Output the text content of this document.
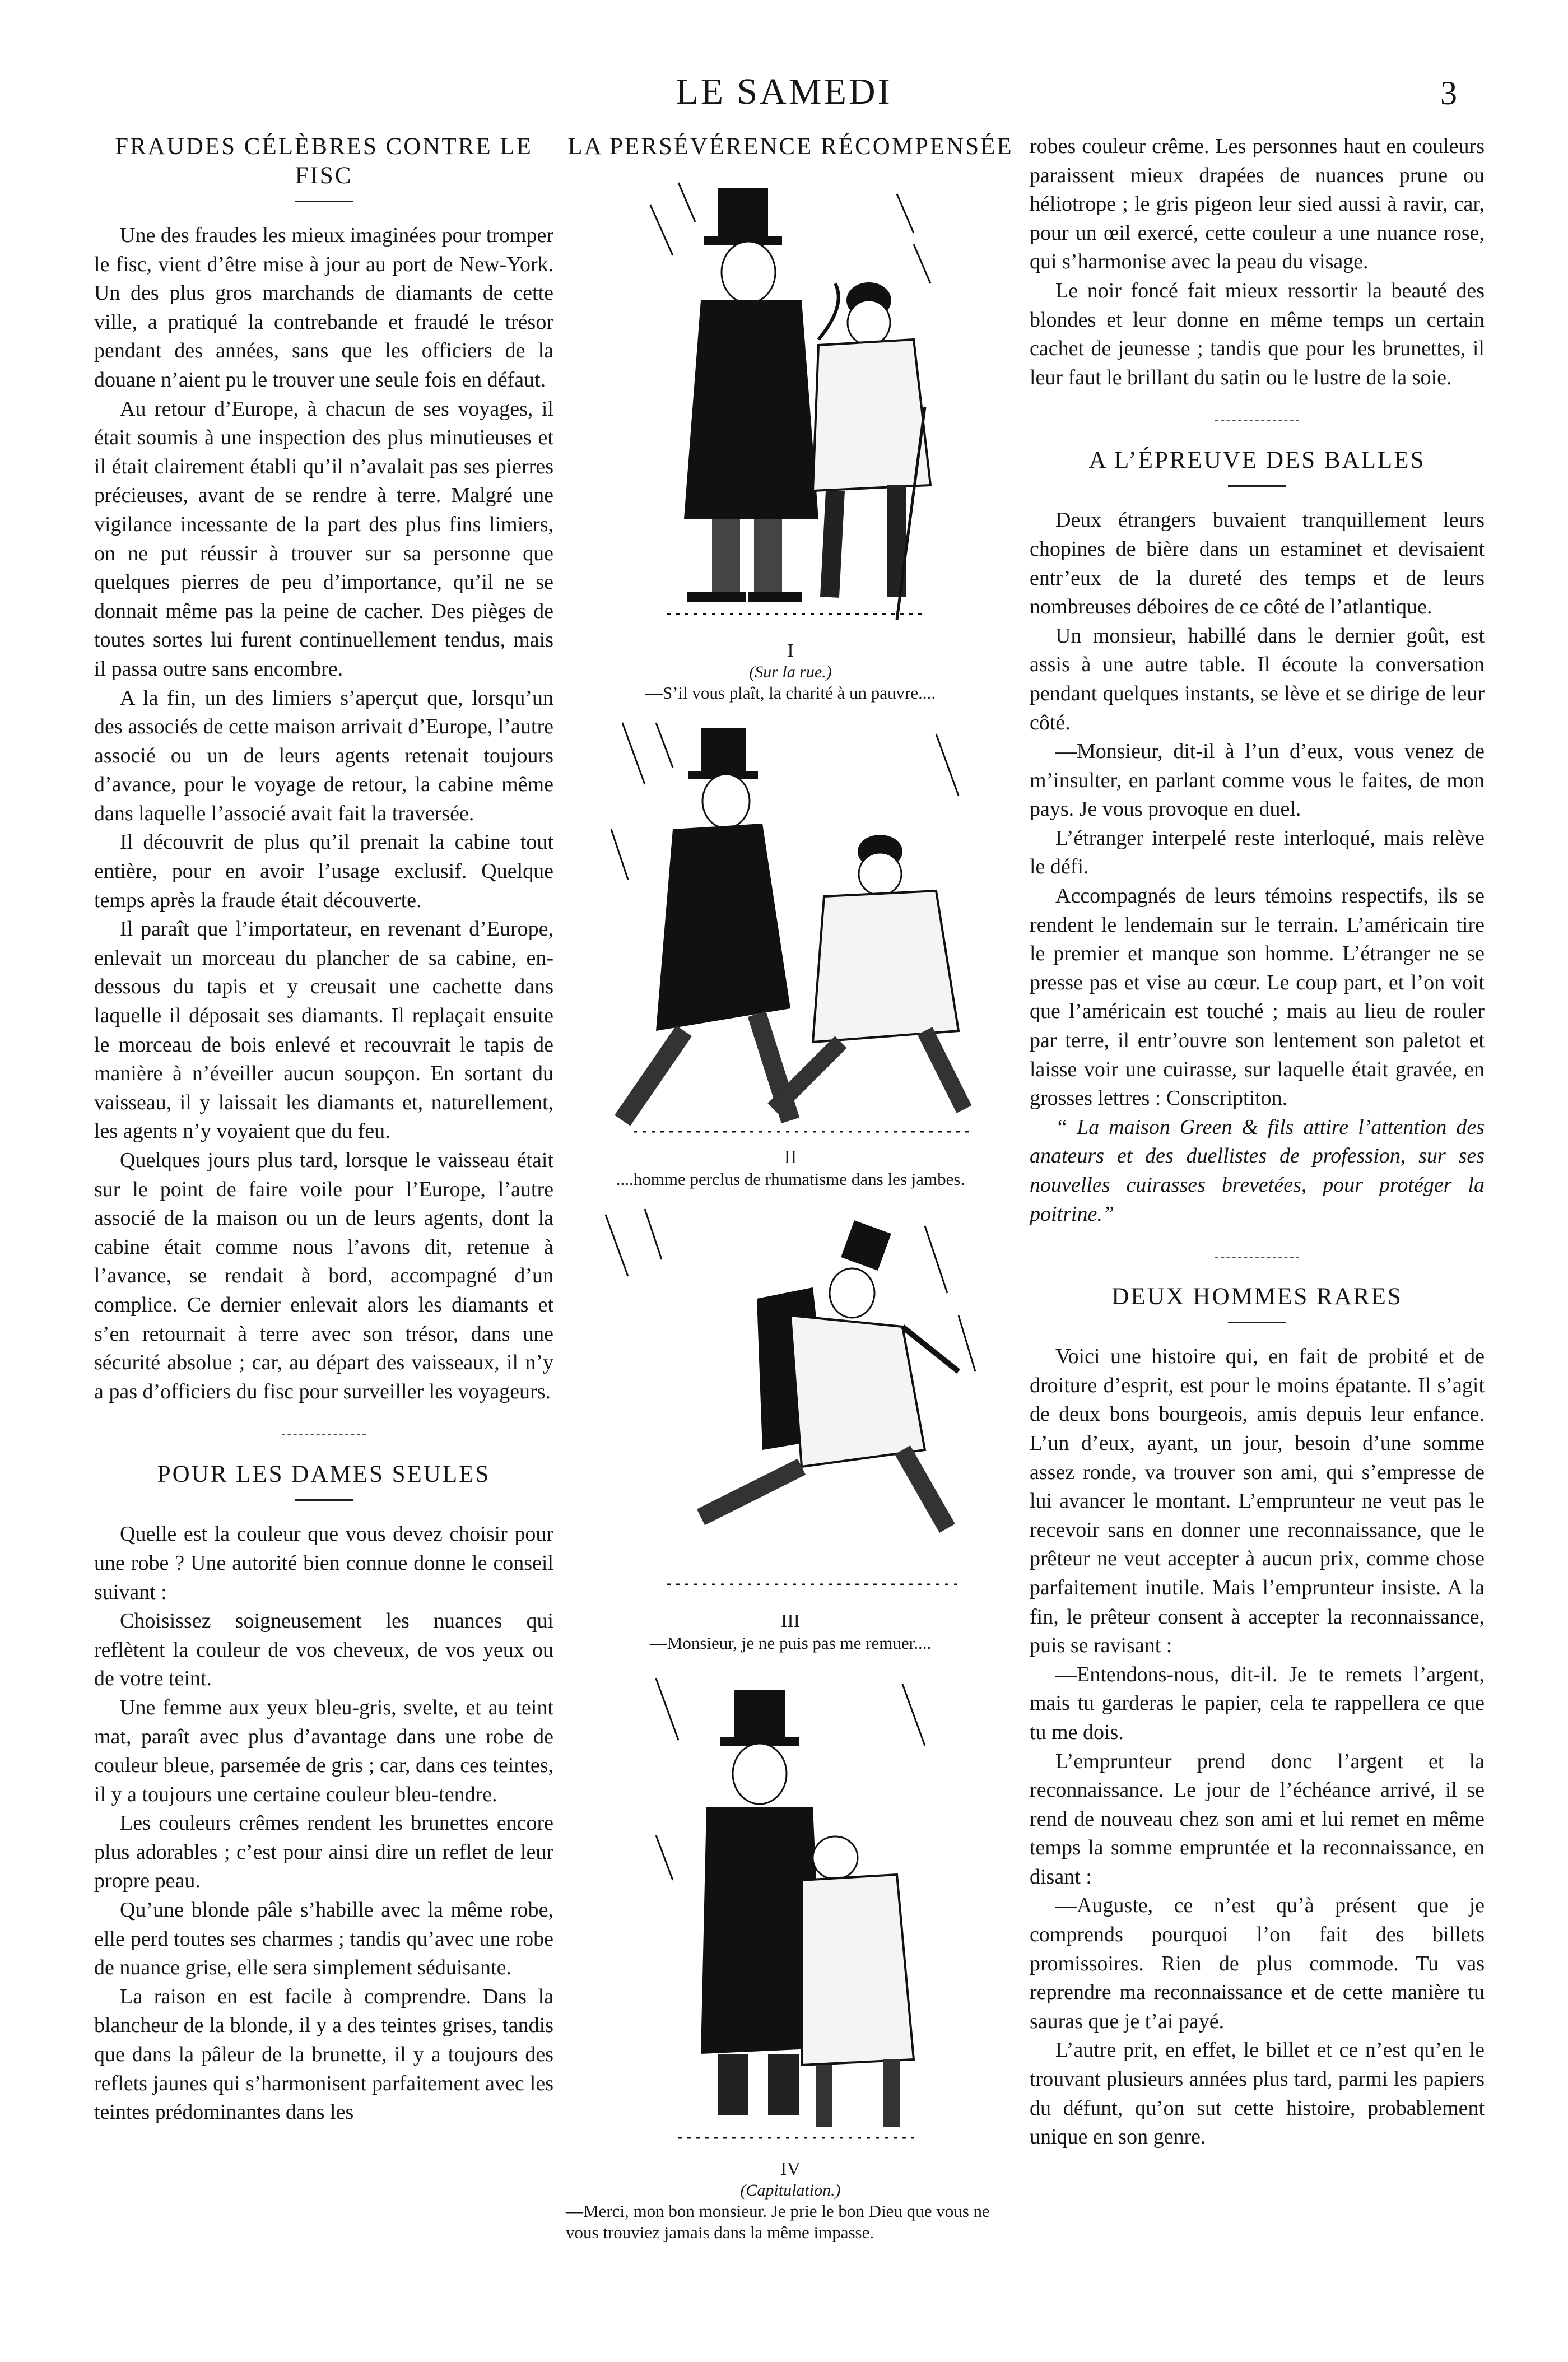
LE SAMEDI	3
FRAUDES CÉLÈBRES CONTRE LE FISC

Une des fraudes les mieux imaginées pour tromper le fisc, vient d’être mise à jour au port de New-York. Un des plus gros marchands de diamants de cette ville, a pratiqué la contrebande et fraudé le trésor pendant des années, sans que les officiers de la douane n’aient pu le trouver une seule fois en défaut.

Au retour d’Europe, à chacun de ses voyages, il était soumis à une inspection des plus minutieuses et il était clairement établi qu’il n’avalait pas ses pierres précieuses, avant de se rendre à terre. Malgré une vigilance incessante de la part des plus fins limiers, on ne put réussir à trouver sur sa personne que quelques pierres de peu d’importance, qu’il ne se donnait même pas la peine de cacher. Des pièges de toutes sortes lui furent continuellement tendus, mais il passa outre sans encombre.

A la fin, un des limiers s’aperçut que, lorsqu’un des associés de cette maison arrivait d’Europe, l’autre associé ou un de leurs agents retenait toujours d’avance, pour le voyage de retour, la cabine même dans laquelle l’associé avait fait la traversée.

Il découvrit de plus qu’il prenait la cabine tout entière, pour en avoir l’usage exclusif. Quelque temps après la fraude était découverte.

Il paraît que l’importateur, en revenant d’Europe, enlevait un morceau du plancher de sa cabine, en-dessous du tapis et y creusait une cachette dans laquelle il déposait ses diamants. Il replaçait ensuite le morceau de bois enlevé et recouvrait le tapis de manière à n’éveiller aucun soupçon. En sortant du vaisseau, il y laissait les diamants et, naturellement, les agents n’y voyaient que du feu.

Quelques jours plus tard, lorsque le vaisseau était sur le point de faire voile pour l’Europe, l’autre associé de la maison ou un de leurs agents, dont la cabine était comme nous l’avons dit, retenue à l’avance, se rendait à bord, accompagné d’un complice. Ce dernier enlevait alors les diamants et s’en retournait à terre avec son trésor, dans une sécurité absolue ; car, au départ des vaisseaux, il n’y a pas d’officiers du fisc pour surveiller les voyageurs.

POUR LES DAMES SEULES

Quelle est la couleur que vous devez choisir pour une robe ? Une autorité bien connue donne le conseil suivant :

Choisissez soigneusement les nuances qui reflètent la couleur de vos cheveux, de vos yeux ou de votre teint.

Une femme aux yeux bleu-gris, svelte, et au teint mat, paraît avec plus d’avantage dans une robe de couleur bleue, parsemée de gris ; car, dans ces teintes, il y a toujours une certaine couleur bleu-tendre.

Les couleurs crêmes rendent les brunettes encore plus adorables ; c’est pour ainsi dire un reflet de leur propre peau.

Qu’une blonde pâle s’habille avec la même robe, elle perd toutes ses charmes ; tandis qu’avec une robe de nuance grise, elle sera simplement séduisante.

La raison en est facile à comprendre. Dans la blancheur de la blonde, il y a des teintes grises, tandis que dans la pâleur de la brunette, il y a toujours des reflets jaunes qui s’harmonisent parfaitement avec les teintes prédominantes dans les

LA PERSÉVÉRENCE RÉCOMPENSÉE
I
(Sur la rue.)
—S’il vous plaît, la charité à un pauvre....
II
....homme perclus de rhumatisme dans les jambes.
III
—Monsieur, je ne puis pas me remuer....
IV
(Capitulation.)
—Merci, mon bon monsieur. Je prie le bon Dieu que vous ne vous trouviez jamais dans la même impasse.

robes couleur crême. Les personnes haut en couleurs paraissent mieux drapées de nuances prune ou héliotrope ; le gris pigeon leur sied aussi à ravir, car, pour un œil exercé, cette couleur a une nuance rose, qui s’harmonise avec la peau du visage.

Le noir foncé fait mieux ressortir la beauté des blondes et leur donne en même temps un certain cachet de jeunesse ; tandis que pour les brunettes, il leur faut le brillant du satin ou le lustre de la soie.

A L’ÉPREUVE DES BALLES

Deux étrangers buvaient tranquillement leurs chopines de bière dans un estaminet et devisaient entr’eux de la dureté des temps et de leurs nombreuses déboires de ce côté de l’atlantique.

Un monsieur, habillé dans le dernier goût, est assis à une autre table. Il écoute la conversation pendant quelques instants, se lève et se dirige de leur côté.

—Monsieur, dit-il à l’un d’eux, vous venez de m’insulter, en parlant comme vous le faites, de mon pays. Je vous provoque en duel.

L’étranger interpelé reste interloqué, mais relève le défi.

Accompagnés de leurs témoins respectifs, ils se rendent le lendemain sur le terrain. L’américain tire le premier et manque son homme. L’étranger ne se presse pas et vise au cœur. Le coup part, et l’on voit que l’américain est touché ; mais au lieu de rouler par terre, il entr’ouvre son lentement son paletot et laisse voir une cuirasse, sur laquelle était gravée, en grosses lettres : Conscriptiton.

“ La maison Green & fils attire l’attention des anateurs et des duellistes de profession, sur ses nouvelles cuirasses brevetées, pour protéger la poitrine.”

DEUX HOMMES RARES

Voici une histoire qui, en fait de probité et de droiture d’esprit, est pour le moins épatante. Il s’agit de deux bons bourgeois, amis depuis leur enfance. L’un d’eux, ayant, un jour, besoin d’une somme assez ronde, va trouver son ami, qui s’empresse de lui avancer le montant. L’emprunteur ne veut pas le recevoir sans en donner une reconnaissance, que le prêteur ne veut accepter à aucun prix, comme chose parfaitement inutile. Mais l’emprunteur insiste. A la fin, le prêteur consent à accepter la reconnaissance, puis se ravisant :

—Entendons-nous, dit-il. Je te remets l’argent, mais tu garderas le papier, cela te rappellera ce que tu me dois.

L’emprunteur prend donc l’argent et la reconnaissance. Le jour de l’échéance arrivé, il se rend de nouveau chez son ami et lui remet en même temps la somme empruntée et la reconnaissance, en disant :

—Auguste, ce n’est qu’à présent que je comprends pourquoi l’on fait des billets promissoires. Rien de plus commode. Tu vas reprendre ma reconnaissance et de cette manière tu sauras que je t’ai payé.

L’autre prit, en effet, le billet et ce n’est qu’en le trouvant plusieurs années plus tard, parmi les papiers du défunt, qu’on sut cette histoire, probablement unique en son genre.
